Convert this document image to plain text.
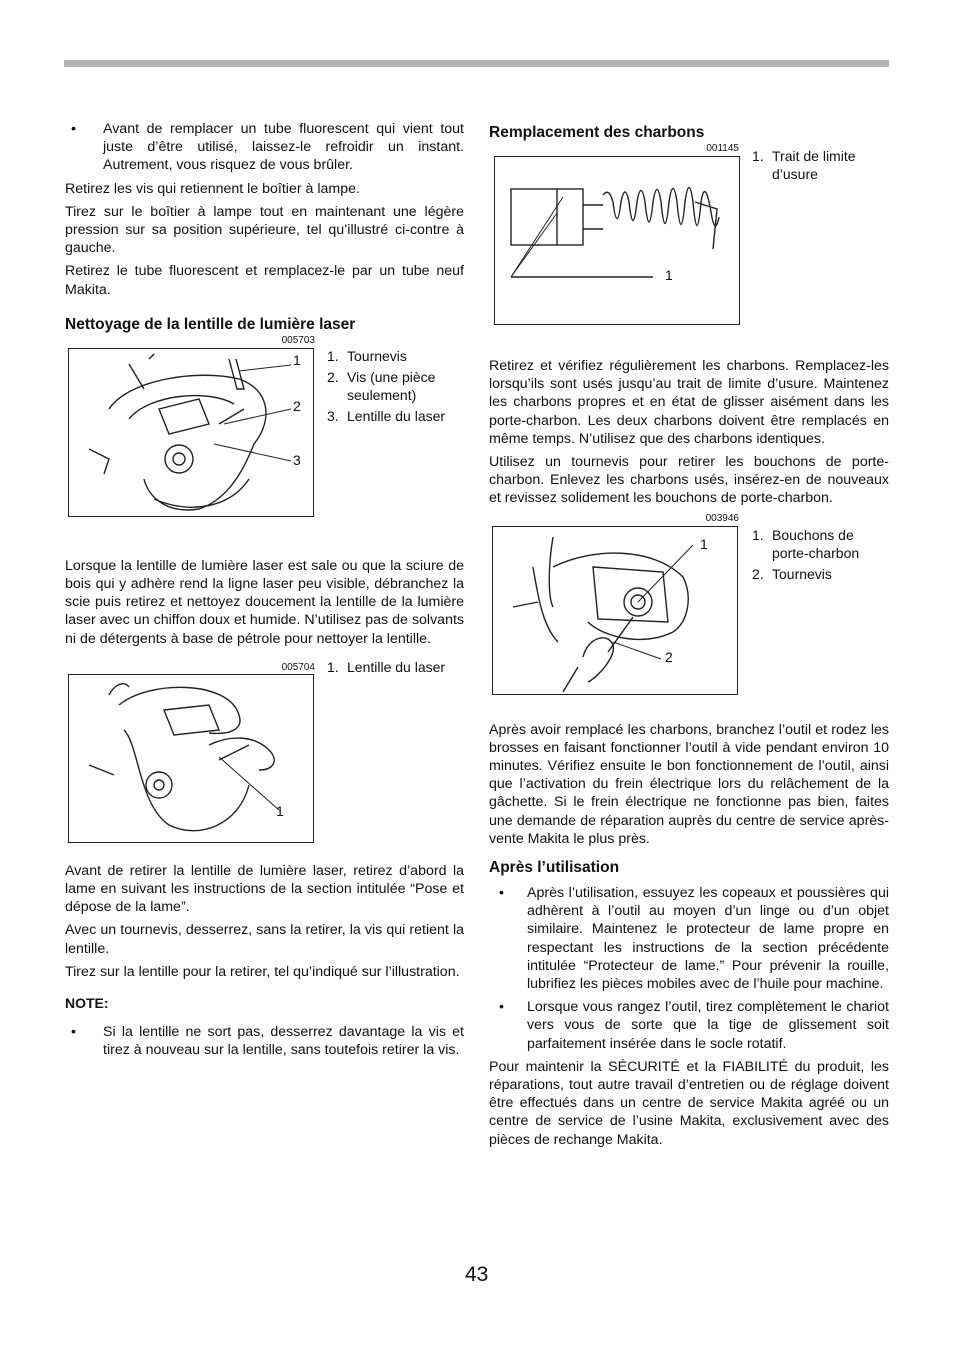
• Avant de remplacer un tube fluorescent qui vient tout juste d’être utilisé, laissez-le refroidir un instant. Autrement, vous risquez de vous brûler.

Retirez les vis qui retiennent le boîtier à lampe.

Tirez sur le boîtier à lampe tout en maintenant une légère pression sur sa position supérieure, tel qu’illustré ci-contre à gauche.

Retirez le tube fluorescent et remplacez-le par un tube neuf Makita.

Nettoyage de la lentille de lumière laser
005703
1
2
3
1. Tournevis
2. Vis (une pièce seulement)
3. Lentille du laser

Lorsque la lentille de lumière laser est sale ou que la sciure de bois qui y adhère rend la ligne laser peu visible, débranchez la scie puis retirez et nettoyez doucement la lentille de la lumière laser avec un chiffon doux et humide. N’utilisez pas de solvants ni de détergents à base de pétrole pour nettoyer la lentille.

005704
1
1. Lentille du laser

Avant de retirer la lentille de lumière laser, retirez d’abord la lame en suivant les instructions de la section intitulée “Pose et dépose de la lame”.

Avec un tournevis, desserrez, sans la retirer, la vis qui retient la lentille.

Tirez sur la lentille pour la retirer, tel qu’indiqué sur l’illustration.

NOTE:
• Si la lentille ne sort pas, desserrez davantage la vis et tirez à nouveau sur la lentille, sans toutefois retirer la vis.
Remplacement des charbons
001145
1
1. Trait de limite d’usure

Retirez et vérifiez régulièrement les charbons. Remplacez-les lorsqu’ils sont usés jusqu’au trait de limite d’usure. Maintenez les charbons propres et en état de glisser aisément dans les porte-charbon. Les deux charbons doivent être remplacés en même temps. N’utilisez que des charbons identiques.

Utilisez un tournevis pour retirer les bouchons de porte-charbon. Enlevez les charbons usés, insérez-en de nouveaux et revissez solidement les bouchons de porte-charbon.

003946
1
2
1. Bouchons de porte-charbon
2. Tournevis

Après avoir remplacé les charbons, branchez l’outil et rodez les brosses en faisant fonctionner l’outil à vide pendant environ 10 minutes. Vérifiez ensuite le bon fonctionnement de l’outil, ainsi que l’activation du frein électrique lors du relâchement de la gâchette. Si le frein électrique ne fonctionne pas bien, faites une demande de réparation auprès du centre de service après-vente Makita le plus près.

Après l’utilisation
• Après l’utilisation, essuyez les copeaux et poussières qui adhèrent à l’outil au moyen d’un linge ou d’un objet similaire. Maintenez le protecteur de lame propre en respectant les instructions de la section précédente intitulée “Protecteur de lame.” Pour prévenir la rouille, lubrifiez les pièces mobiles avec de l’huile pour machine.
• Lorsque vous rangez l’outil, tirez complètement le chariot vers vous de sorte que la tige de glissement soit parfaitement insérée dans le socle rotatif.

Pour maintenir la SÉCURITÉ et la FIABILITÉ du produit, les réparations, tout autre travail d’entretien ou de réglage doivent être effectués dans un centre de service Makita agréé ou un centre de service de l’usine Makita, exclusivement avec des pièces de rechange Makita.

43
